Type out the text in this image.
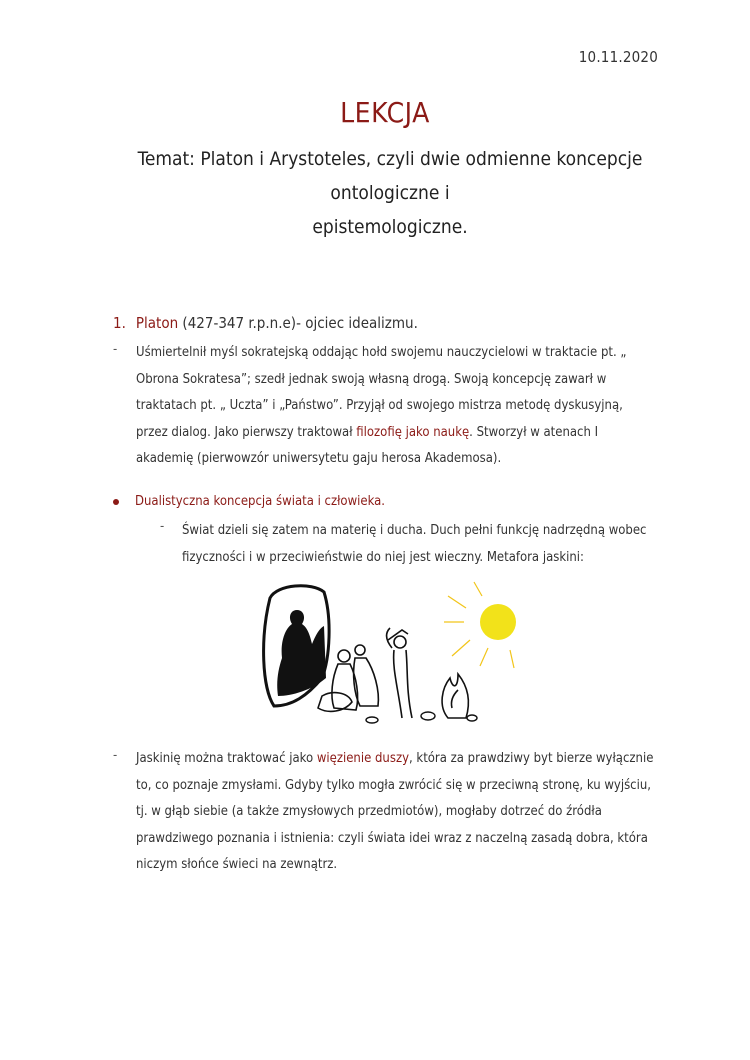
10.11.2020
LEKCJA
Temat: Platon i Arystoteles, czyli dwie odmienne koncepcje ontologiczne i
epistemologiczne.
1. Platon (427-347 r.p.n.e)- ojciec idealizmu.
- Uśmiertelnił myśl sokratejską oddając hołd swojemu nauczycielowi w traktacie pt. „ Obrona Sokratesa”; szedł jednak swoją własną drogą. Swoją koncepcję zawarł w traktatach pt. „ Uczta” i „Państwo”. Przyjął od swojego mistrza metodę dyskusyjną, przez dialog. Jako pierwszy traktował filozofię jako naukę. Stworzył w atenach I akademię (pierwowzór uniwersytetu gaju herosa Akademosa).
Dualistyczna koncepcja świata i człowieka.
- Świat dzieli się zatem na materię i ducha. Duch pełni funkcję nadrzędną wobec fizyczności i w przeciwieństwie do niej jest wieczny. Metafora jaskini:
- Jaskinię można traktować jako więzienie duszy, która za prawdziwy byt bierze wyłącznie to, co poznaje zmysłami. Gdyby tylko mogła zwrócić się w przeciwną stronę, ku wyjściu, tj. w głąb siebie (a także zmysłowych przedmiotów), mogłaby dotrzeć do źródła prawdziwego poznania i istnienia: czyli świata idei wraz z naczelną zasadą dobra, która niczym słońce świeci na zewnątrz.
